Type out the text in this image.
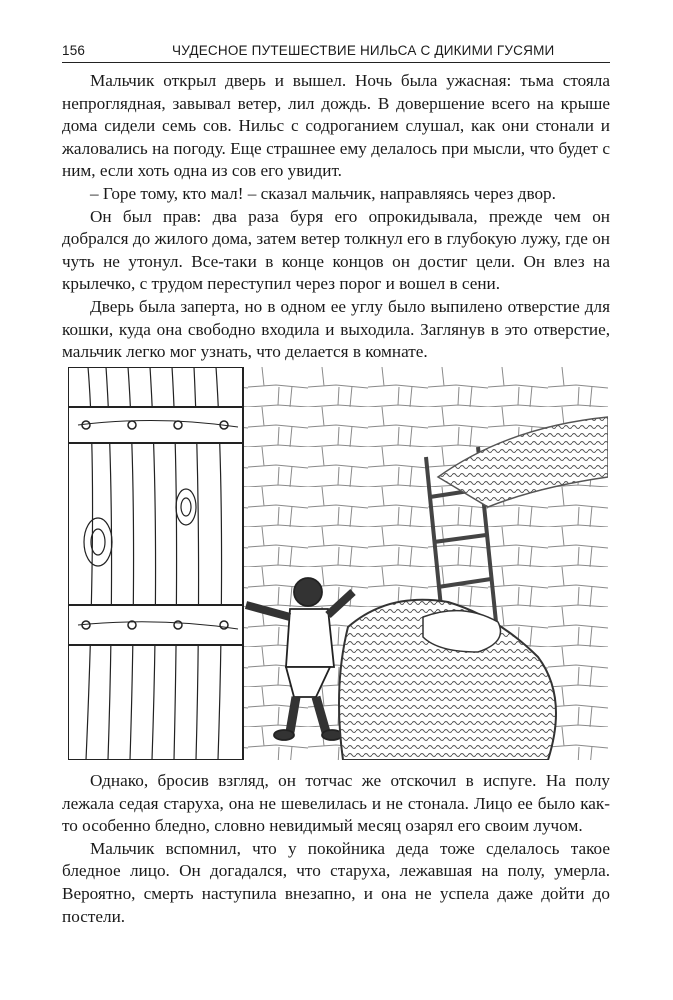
156	ЧУДЕСНОЕ ПУТЕШЕСТВИЕ НИЛЬСА С ДИКИМИ ГУСЯМИ

Мальчик открыл дверь и вышел. Ночь была ужасная: тьма стояла непроглядная, завывал ветер, лил дождь. В довершение всего на крыше дома сидели семь сов. Нильс с содроганием слушал, как они стонали и жаловались на погоду. Еще страшнее ему делалось при мысли, что будет с ним, если хоть одна из сов его увидит.

– Горе тому, кто мал! – сказал мальчик, направляясь через двор.

Он был прав: два раза буря его опрокидывала, прежде чем он добрался до жилого дома, затем ветер толкнул его в глубокую лужу, где он чуть не утонул. Все-таки в конце концов он достиг цели. Он влез на крылечко, с трудом переступил через порог и вошел в сени.

Дверь была заперта, но в одном ее углу было выпилено отверстие для кошки, куда она свободно входила и выходила. Заглянув в это отверстие, мальчик легко мог узнать, что делается в комнате.

Однако, бросив взгляд, он тотчас же отскочил в испуге. На полу лежала седая старуха, она не шевелилась и не стонала. Лицо ее было как-то особенно бледно, словно невидимый месяц озарял его своим лучом.

Мальчик вспомнил, что у покойника деда тоже сделалось такое бледное лицо. Он догадался, что старуха, лежавшая на полу, умерла. Вероятно, смерть наступила внезапно, и она не успела даже дойти до постели.
